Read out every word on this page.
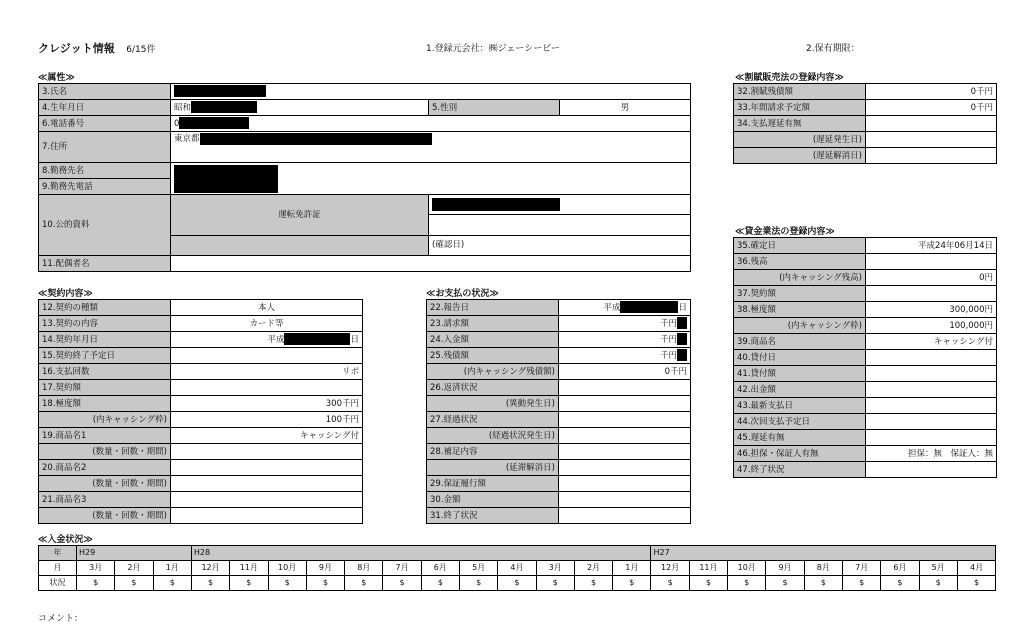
クレジット情報 6/15件	1.登録元会社：㈱ジェーシービー	2.保有期限：
≪属性≫
3.氏名			
4.生年月日	昭和	5.性別	男
6.電話番号	0		
7.住所	東京都		
8.勤務先名			
9.勤務先電話			
10.公的資料	運転免許証		

		(確認日)	
11.配偶者名			
≪割賦販売法の登録内容≫
32.割賦残債額	0千円
33.年間請求予定額	0千円
34.支払遅延有無	
(遅延発生日)	
(遅延解消日)	
≪契約内容≫
12.契約の種類	本人
13.契約の内容	カード等
14.契約年月日	平成 日
15.契約終了予定日	
16.支払回数	リボ
17.契約額	
18.極度額	300千円
(内キャッシング枠)	100千円
19.商品名1	キャッシング付
(数量・回数・期間)	
20.商品名2	
(数量・回数・期間)	
21.商品名3	
(数量・回数・期間)	
≪お支払の状況≫
22.報告日	平成 日
23.請求額	千円
24.入金額	千円
25.残債額	千円
(内キャッシング残債額)	0千円
26.返済状況	
(異動発生日)	
27.経過状況	
(経過状況発生日)	
28.補足内容	
(延滞解消日)	
29.保証履行額	
30.金額	
31.終了状況	
≪貸金業法の登録内容≫
35.確定日	平成24年06月14日
36.残高	
(内キャッシング残高)	0円
37.契約額	
38.極度額	300,000円
(内キャッシング枠)	100,000円
39.商品名	キャッシング付
40.貸付日	
41.貸付額	
42.出金額	
43.最新支払日	
44.次回支払予定日	
45.遅延有無	
46.担保・保証人有無	担保：無　保証人：無
47.終了状況	
≪入金状況≫
年	H29			H28												H27								
月	3月	2月	1月	12月	11月	10月	9月	8月	7月	6月	5月	4月	3月	2月	1月	12月	11月	10月	9月	8月	7月	6月	5月	4月
状況	$	$	$	$	$	$	$	$	$	$	$	$	$	$	$	$	$	$	$	$	$	$	$	$
コメント：
